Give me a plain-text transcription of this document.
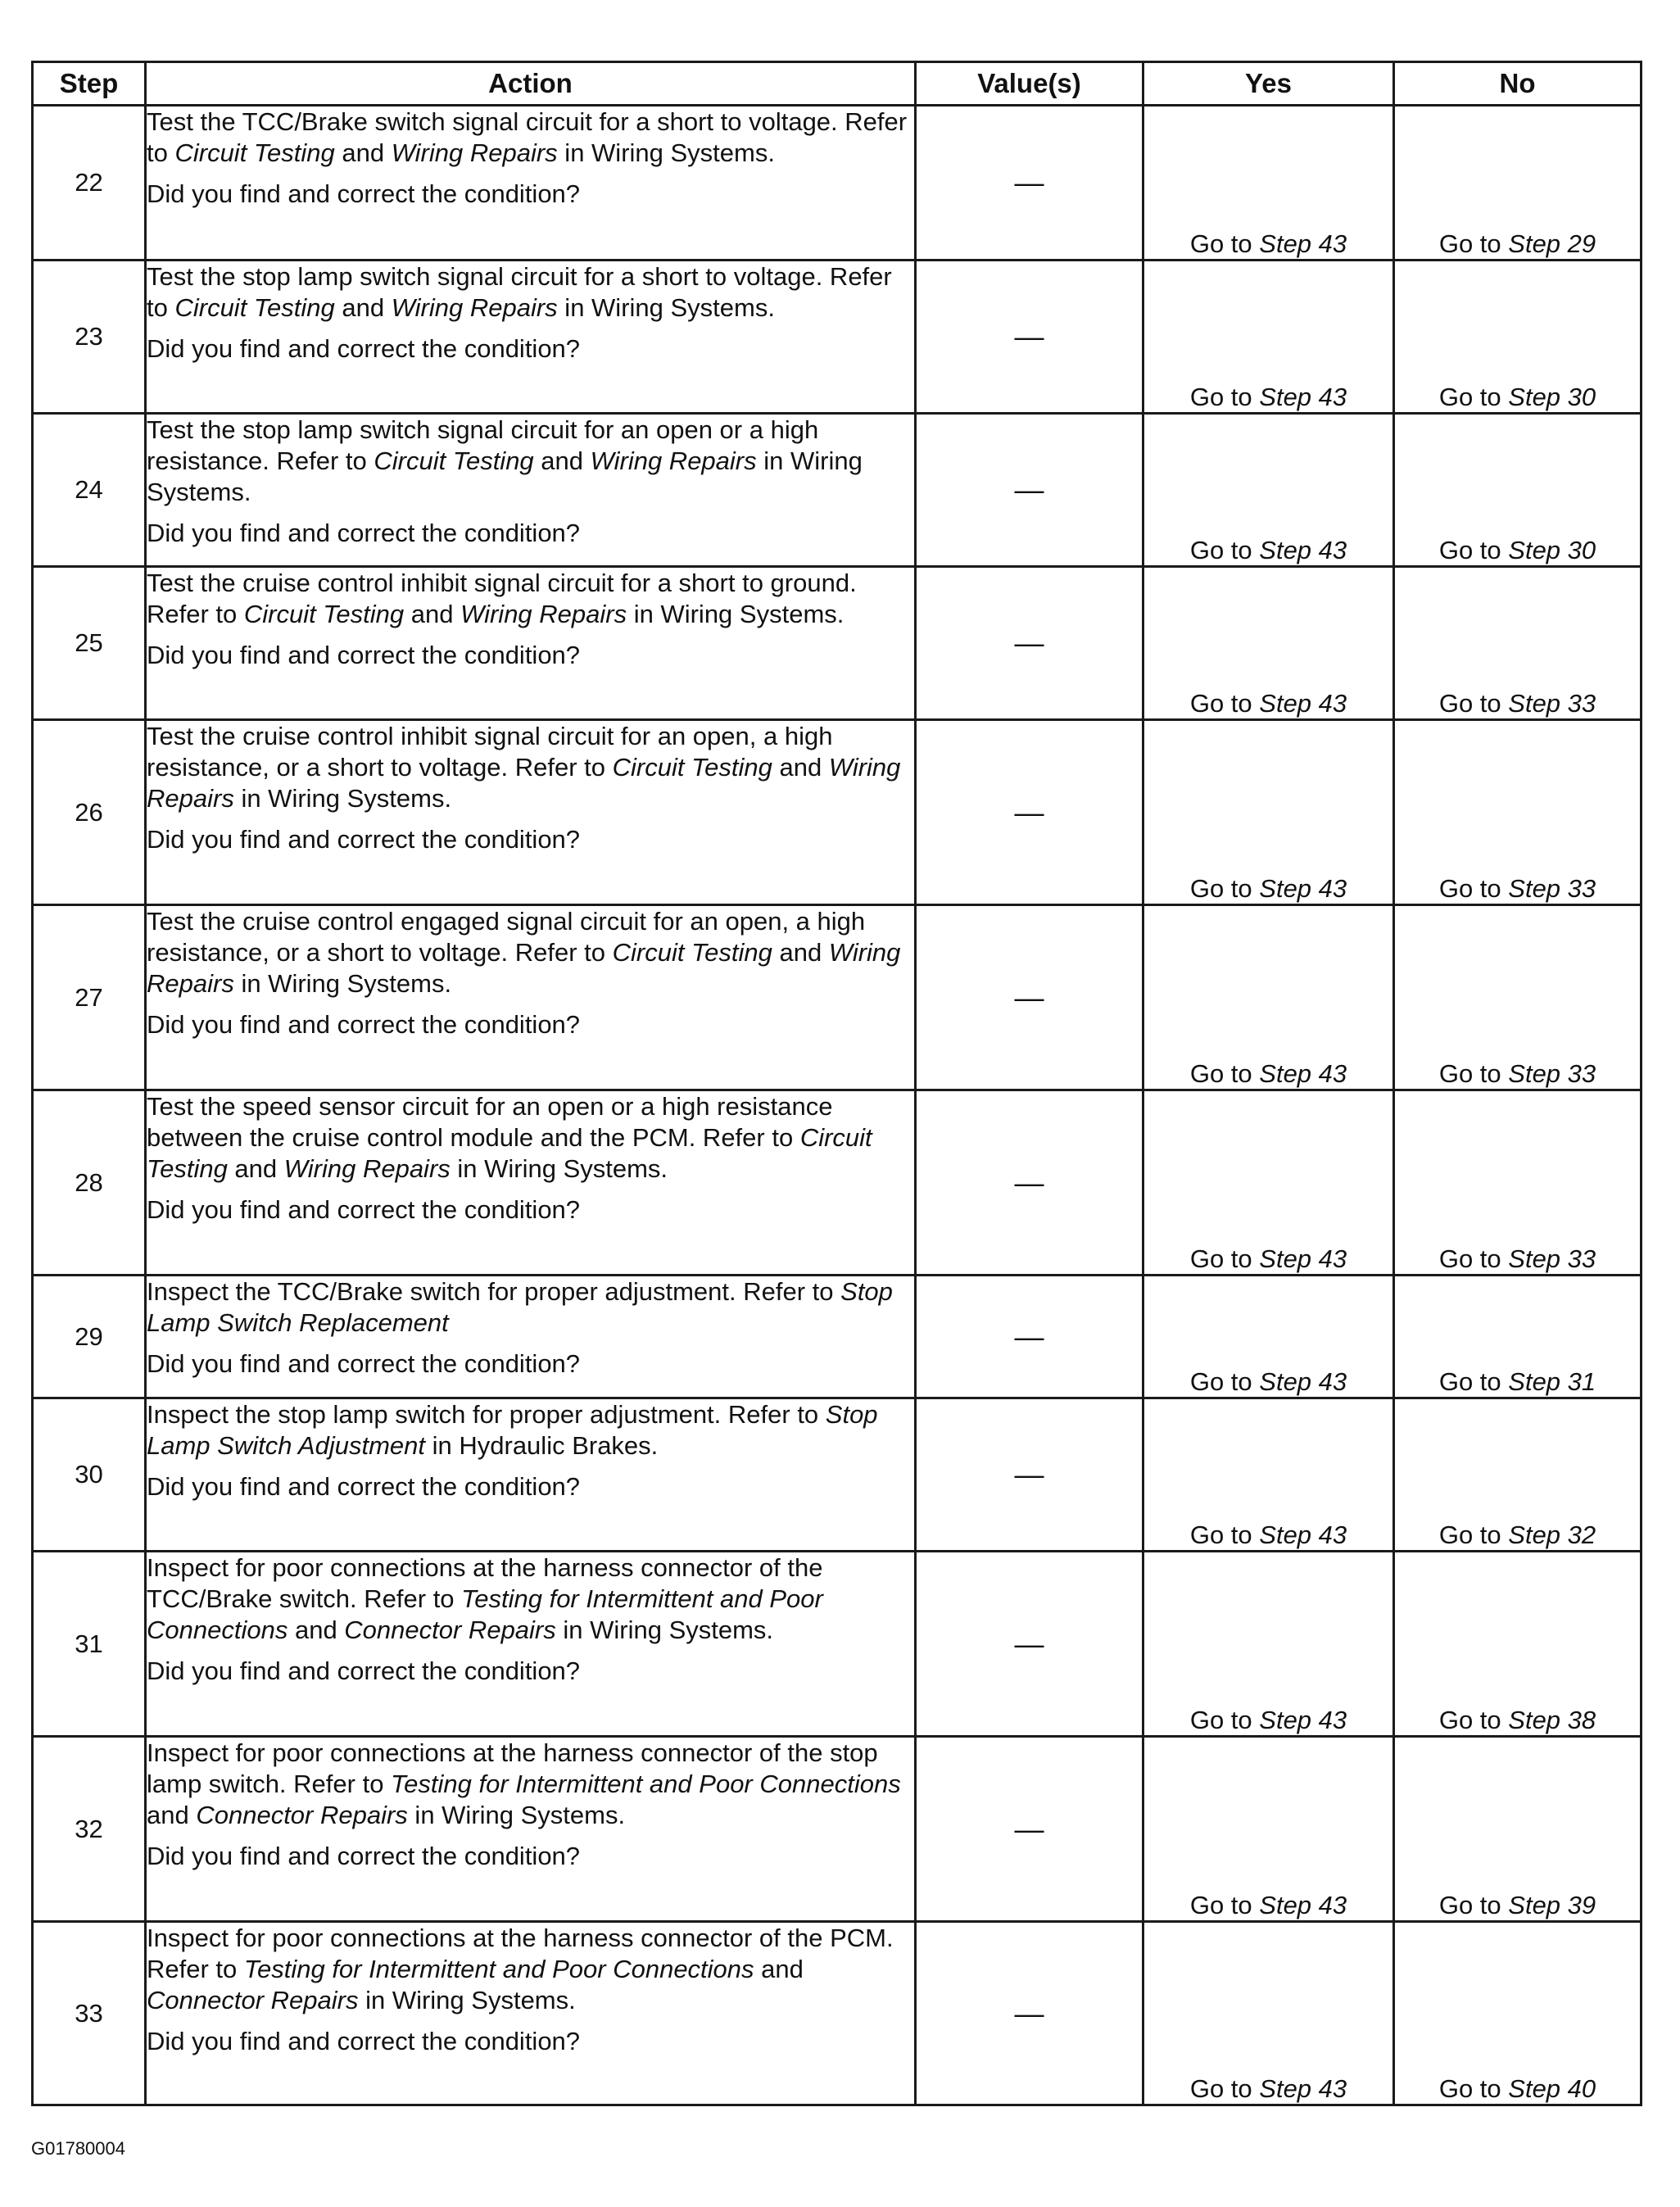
Step	Action	Value(s)	Yes	No
22	Test the TCC/Brake switch signal circuit for a short to voltage. Refer to Circuit Testing and Wiring Repairs in Wiring Systems.
Did you find and correct the condition?	—	Go to Step 43	Go to Step 29
23	Test the stop lamp switch signal circuit for a short to voltage. Refer to Circuit Testing and Wiring Repairs in Wiring Systems.
Did you find and correct the condition?	—	Go to Step 43	Go to Step 30
24	Test the stop lamp switch signal circuit for an open or a high resistance. Refer to Circuit Testing and Wiring Repairs in Wiring Systems.
Did you find and correct the condition?	—	Go to Step 43	Go to Step 30
25	Test the cruise control inhibit signal circuit for a short to ground. Refer to Circuit Testing and Wiring Repairs in Wiring Systems.
Did you find and correct the condition?	—	Go to Step 43	Go to Step 33
26	Test the cruise control inhibit signal circuit for an open, a high resistance, or a short to voltage. Refer to Circuit Testing and Wiring Repairs in Wiring Systems.
Did you find and correct the condition?	—	Go to Step 43	Go to Step 33
27	Test the cruise control engaged signal circuit for an open, a high resistance, or a short to voltage. Refer to Circuit Testing and Wiring Repairs in Wiring Systems.
Did you find and correct the condition?	—	Go to Step 43	Go to Step 33
28	Test the speed sensor circuit for an open or a high resistance between the cruise control module and the PCM. Refer to Circuit Testing and Wiring Repairs in Wiring Systems.
Did you find and correct the condition?	—	Go to Step 43	Go to Step 33
29	Inspect the TCC/Brake switch for proper adjustment. Refer to Stop Lamp Switch Replacement
Did you find and correct the condition?	—	Go to Step 43	Go to Step 31
30	Inspect the stop lamp switch for proper adjustment. Refer to Stop Lamp Switch Adjustment in Hydraulic Brakes.
Did you find and correct the condition?	—	Go to Step 43	Go to Step 32
31	Inspect for poor connections at the harness connector of the TCC/Brake switch. Refer to Testing for Intermittent and Poor Connections and Connector Repairs in Wiring Systems.
Did you find and correct the condition?	—	Go to Step 43	Go to Step 38
32	Inspect for poor connections at the harness connector of the stop lamp switch. Refer to Testing for Intermittent and Poor Connections and Connector Repairs in Wiring Systems.
Did you find and correct the condition?	—	Go to Step 43	Go to Step 39
33	Inspect for poor connections at the harness connector of the PCM. Refer to Testing for Intermittent and Poor Connections and Connector Repairs in Wiring Systems.
Did you find and correct the condition?	—	Go to Step 43	Go to Step 40
G01780004
